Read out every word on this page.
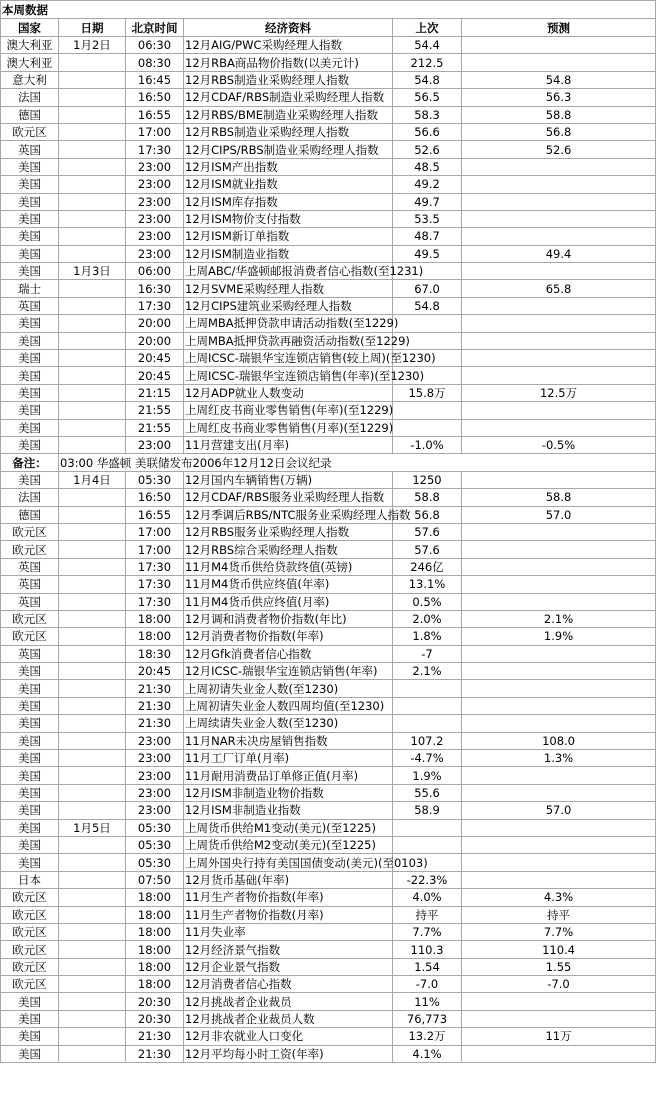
本周数据					
国家	日期	北京时间	经济资料	上次	预测
澳大利亚	1月2日	06:30	12月AIG/PWC采购经理人指数	54.4	
澳大利亚		08:30	12月RBA商品物价指数(以美元计)	212.5	
意大利		16:45	12月RBS制造业采购经理人指数	54.8	54.8
法国		16:50	12月CDAF/RBS制造业采购经理人指数	56.5	56.3
德国		16:55	12月RBS/BME制造业采购经理人指数	58.3	58.8
欧元区		17:00	12月RBS制造业采购经理人指数	56.6	56.8
英国		17:30	12月CIPS/RBS制造业采购经理人指数	52.6	52.6
美国		23:00	12月ISM产出指数	48.5	
美国		23:00	12月ISM就业指数	49.2	
美国		23:00	12月ISM库存指数	49.7	
美国		23:00	12月ISM物价支付指数	53.5	
美国		23:00	12月ISM新订单指数	48.7	
美国		23:00	12月ISM制造业指数	49.5	49.4
美国	1月3日	06:00	上周ABC/华盛顿邮报消费者信心指数(至1231)		
瑞士		16:30	12月SVME采购经理人指数	67.0	65.8
英国		17:30	12月CIPS建筑业采购经理人指数	54.8	
美国		20:00	上周MBA抵押贷款申请活动指数(至1229)		
美国		20:00	上周MBA抵押贷款再融资活动指数(至1229)		
美国		20:45	上周ICSC-瑞银华宝连锁店销售(较上周)(至1230)		
美国		20:45	上周ICSC-瑞银华宝连锁店销售(年率)(至1230)		
美国		21:15	12月ADP就业人数变动	15.8万	12.5万
美国		21:55	上周红皮书商业零售销售(年率)(至1229)		
美国		21:55	上周红皮书商业零售销售(月率)(至1229)		
美国		23:00	11月营建支出(月率)	-1.0%	-0.5%
备注：	03:00 华盛顿 美联储发布2006年12月12日会议纪录				
美国	1月4日	05:30	12月国内车辆销售(万辆)	1250	
法国		16:50	12月CDAF/RBS服务业采购经理人指数	58.8	58.8
德国		16:55	12月季调后RBS/NTC服务业采购经理人指数	56.8	57.0
欧元区		17:00	12月RBS服务业采购经理人指数	57.6	
欧元区		17:00	12月RBS综合采购经理人指数	57.6	
英国		17:30	11月M4货币供给贷款终值(英镑)	246亿	
英国		17:30	11月M4货币供应终值(年率)	13.1%	
英国		17:30	11月M4货币供应终值(月率)	0.5%	
欧元区		18:00	12月调和消费者物价指数(年比)	2.0%	2.1%
欧元区		18:00	12月消费者物价指数(年率)	1.8%	1.9%
英国		18:30	12月Gfk消费者信心指数	-7	
美国		20:45	12月ICSC-瑞银华宝连锁店销售(年率)	2.1%	
美国		21:30	上周初请失业金人数(至1230)		
美国		21:30	上周初请失业金人数四周均值(至1230)		
美国		21:30	上周续请失业金人数(至1230)		
美国		23:00	11月NAR未决房屋销售指数	107.2	108.0
美国		23:00	11月工厂订单(月率)	-4.7%	1.3%
美国		23:00	11月耐用消费品订单修正值(月率)	1.9%	
美国		23:00	12月ISM非制造业物价指数	55.6	
美国		23:00	12月ISM非制造业指数	58.9	57.0
美国	1月5日	05:30	上周货币供给M1变动(美元)(至1225)		
美国		05:30	上周货币供给M2变动(美元)(至1225)		
美国		05:30	上周外国央行持有美国国债变动(美元)(至0103)		
日本		07:50	12月货币基础(年率)	-22.3%	
欧元区		18:00	11月生产者物价指数(年率)	4.0%	4.3%
欧元区		18:00	11月生产者物价指数(月率)	持平	持平
欧元区		18:00	11月失业率	7.7%	7.7%
欧元区		18:00	12月经济景气指数	110.3	110.4
欧元区		18:00	12月企业景气指数	1.54	1.55
欧元区		18:00	12月消费者信心指数	-7.0	-7.0
美国		20:30	12月挑战者企业裁员	11%	
美国		20:30	12月挑战者企业裁员人数	76,773	
美国		21:30	12月非农就业人口变化	13.2万	11万
美国		21:30	12月平均每小时工资(年率)	4.1%	
